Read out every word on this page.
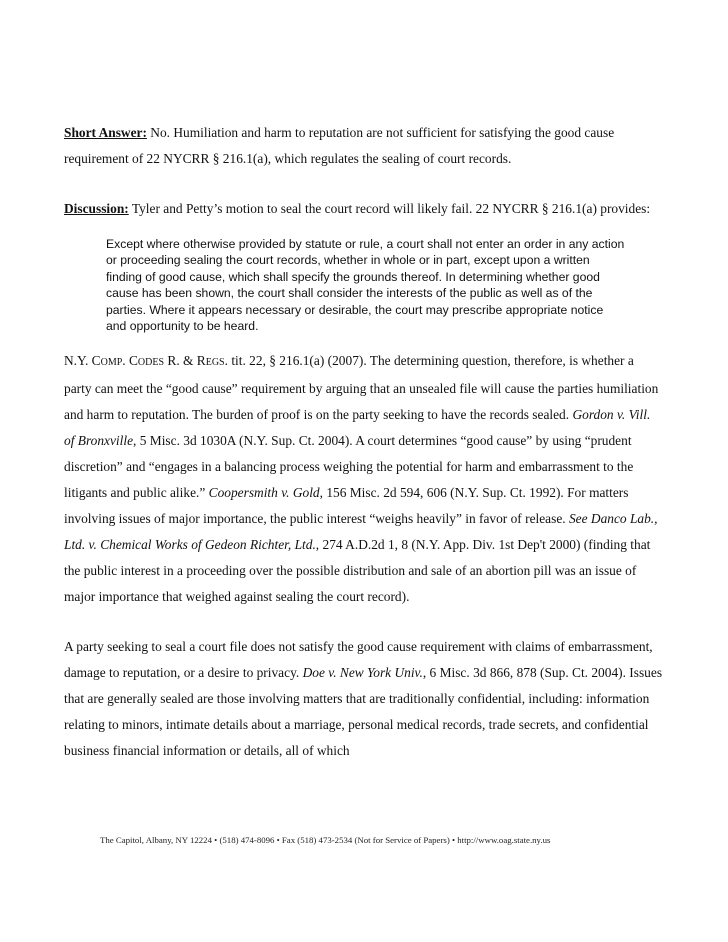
Short Answer: No. Humiliation and harm to reputation are not sufficient for satisfying the good cause requirement of 22 NYCRR § 216.1(a), which regulates the sealing of court records.

Discussion: Tyler and Petty’s motion to seal the court record will likely fail. 22 NYCRR § 216.1(a) provides:

Except where otherwise provided by statute or rule, a court shall not enter an order in any action or proceeding sealing the court records, whether in whole or in part, except upon a written finding of good cause, which shall specify the grounds thereof. In determining whether good cause has been shown, the court shall consider the interests of the public as well as of the parties. Where it appears necessary or desirable, the court may prescribe appropriate notice and opportunity to be heard.

N.Y. COMP. CODES R. & REGS. tit. 22, § 216.1(a) (2007). The determining question, therefore, is whether a party can meet the “good cause” requirement by arguing that an unsealed file will cause the parties humiliation and harm to reputation. The burden of proof is on the party seeking to have the records sealed. Gordon v. Vill. of Bronxville, 5 Misc. 3d 1030A (N.Y. Sup. Ct. 2004). A court determines “good cause” by using “prudent discretion” and “engages in a balancing process weighing the potential for harm and embarrassment to the litigants and public alike.” Coopersmith v. Gold, 156 Misc. 2d 594, 606 (N.Y. Sup. Ct. 1992). For matters involving issues of major importance, the public interest “weighs heavily” in favor of release. See Danco Lab., Ltd. v. Chemical Works of Gedeon Richter, Ltd., 274 A.D.2d 1, 8 (N.Y. App. Div. 1st Dep't 2000) (finding that the public interest in a proceeding over the possible distribution and sale of an abortion pill was an issue of major importance that weighed against sealing the court record).

A party seeking to seal a court file does not satisfy the good cause requirement with claims of embarrassment, damage to reputation, or a desire to privacy. Doe v. New York Univ., 6 Misc. 3d 866, 878 (Sup. Ct. 2004). Issues that are generally sealed are those involving matters that are traditionally confidential, including: information relating to minors, intimate details about a marriage, personal medical records, trade secrets, and confidential business financial information or details, all of which

The Capitol, Albany, NY 12224 • (518) 474-8096 • Fax (518) 473-2534 (Not for Service of Papers) • http://www.oag.state.ny.us
